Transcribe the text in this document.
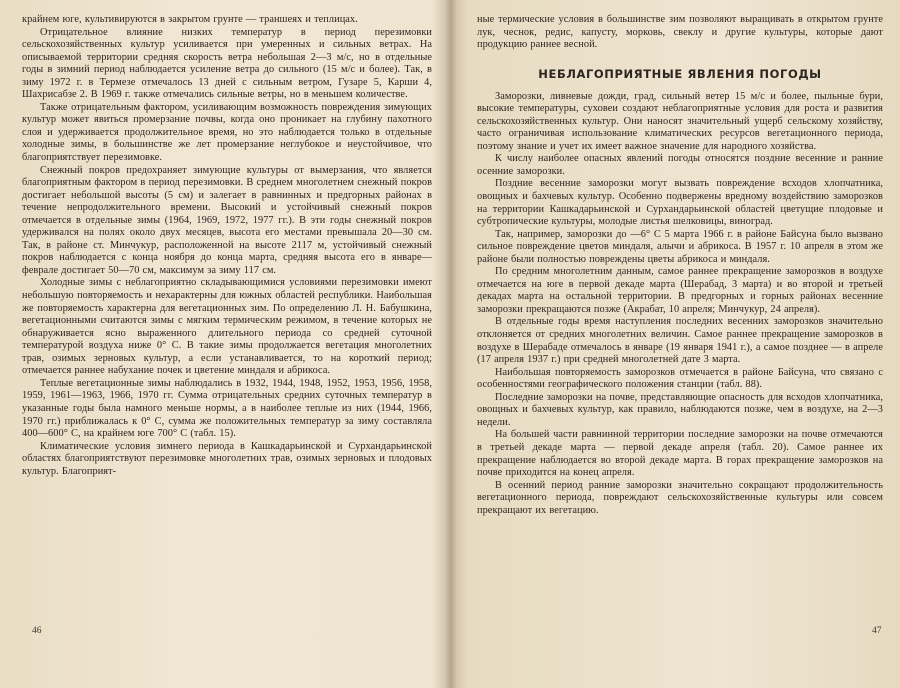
крайнем юге, культивируются в закрытом грунте — траншеях и теплицах.

Отрицательное влияние низких температур в период перезимовки сельскохозяйственных культур усиливается при умеренных и сильных ветрах. На описываемой территории средняя скорость ветра небольшая 2—3 м/с, но в отдельные годы в зимний период наблюдается усиление ветра до сильного (15 м/с и более). Так, в зиму 1972 г. в Термезе отмечалось 13 дней с сильным ветром, Гузаре 5, Карши 4, Шахрисабзе 2. В 1969 г. также отмечались сильные ветры, но в меньшем количестве.

Также отрицательным фактором, усиливающим возможность повреждения зимующих культур может явиться промерзание почвы, когда оно проникает на глубину пахотного слоя и удерживается продолжительное время, но это наблюдается только в отдельные холодные зимы, в большинстве же лет промерзание неглубокое и неустойчивое, что благоприятствует перезимовке.

Снежный покров предохраняет зимующие культуры от вымерзания, что является благоприятным фактором в период перезимовки. В среднем многолетнем снежный покров достигает небольшой высоты (5 см) и залегает в равнинных и предгорных районах в течение непродолжительного времени. Высокий и устойчивый снежный покров отмечается в отдельные зимы (1964, 1969, 1972, 1977 гг.). В эти годы снежный покров удерживался на полях около двух месяцев, высота его местами превышала 20—30 см. Так, в районе ст. Минчукур, расположенной на высоте 2117 м, устойчивый снежный покров наблюдается с конца ноября до конца марта, средняя высота его в январе—феврале достигает 50—70 см, максимум за зиму 117 см.

Холодные зимы с неблагоприятно складывающимися условиями перезимовки имеют небольшую повторяемость и нехарактерны для южных областей республики. Наибольшая же повторяемость характерна для вегетационных зим. По определению Л. Н. Бабушкина, вегетационными считаются зимы с мягким термическим режимом, в течение которых не обнаруживается ясно выраженного длительного периода со средней суточной температурой воздуха ниже 0° С. В такие зимы продолжается вегетация многолетних трав, озимых зерновых культур, а если устанавливается, то на короткий период; отмечается раннее набухание почек и цветение миндаля и абрикоса.

Теплые вегетационные зимы наблюдались в 1932, 1944, 1948, 1952, 1953, 1956, 1958, 1959, 1961—1963, 1966, 1970 гг. Сумма отрицательных средних суточных температур в указанные годы была намного меньше нормы, а в наиболее теплые из них (1944, 1966, 1970 гг.) приближалась к 0° С, сумма же положительных температур за зиму составляла 400—600° С, на крайнем юге 700° С (табл. 15).

Климатические условия зимнего периода в Кашкадарьинской и Сурхандарьинской областях благоприятствуют перезимовке многолетних трав, озимых зерновых и плодовых культур. Благоприят-

ные термические условия в большинстве зим позволяют выращивать в открытом грунте лук, чеснок, редис, капусту, морковь, свеклу и другие культуры, которые дают продукцию раннее весной.

НЕБЛАГОПРИЯТНЫЕ ЯВЛЕНИЯ ПОГОДЫ

Заморозки, ливневые дожди, град, сильный ветер 15 м/с и более, пыльные бури, высокие температуры, суховеи создают неблагоприятные условия для роста и развития сельскохозяйственных культур. Они наносят значительный ущерб сельскому хозяйству, часто ограничивая использование климатических ресурсов вегетационного периода, поэтому знание и учет их имеет важное значение для народного хозяйства.

К числу наиболее опасных явлений погоды относятся поздние весенние и ранние осенние заморозки.

Поздние весенние заморозки могут вызвать повреждение всходов хлопчатника, овощных и бахчевых культур. Особенно подвержены вредному воздействию заморозков на территории Кашкадарьинской и Сурхандарьинской областей цветущие плодовые и субтропические культуры, молодые листья шелковицы, виноград.

Так, например, заморозки до —6° С 5 марта 1966 г. в районе Байсуна было вызвано сильное повреждение цветов миндаля, алычи и абрикоса. В 1957 г. 10 апреля в этом же районе были полностью повреждены цветы абрикоса и миндаля.

По средним многолетним данным, самое раннее прекращение заморозков в воздухе отмечается на юге в первой декаде марта (Шерабад, 3 марта) и во второй и третьей декадах марта на остальной территории. В предгорных и горных районах весенние заморозки прекращаются позже (Акрабат, 10 апреля; Минчукур, 24 апреля).

В отдельные годы время наступления последних весенних заморозков значительно отклоняется от средних многолетних величин. Самое раннее прекращение заморозков в воздухе в Шерабаде отмечалось в январе (19 января 1941 г.), а самое позднее — в апреле (17 апреля 1937 г.) при средней многолетней дате 3 марта.

Наибольшая повторяемость заморозков отмечается в районе Байсуна, что связано с особенностями географического положения станции (табл. 88).

Последние заморозки на почве, представляющие опасность для всходов хлопчатника, овощных и бахчевых культур, как правило, наблюдаются позже, чем в воздухе, на 2—3 недели.

На большей части равнинной территории последние заморозки на почве отмечаются в третьей декаде марта — первой декаде апреля (табл. 20). Самое раннее их прекращение наблюдается во второй декаде марта. В горах прекращение заморозков на почве приходится на конец апреля.

В осенний период ранние заморозки значительно сокращают продолжительность вегетационного периода, повреждают сельскохозяйственные культуры или совсем прекращают их вегетацию.

46	47
